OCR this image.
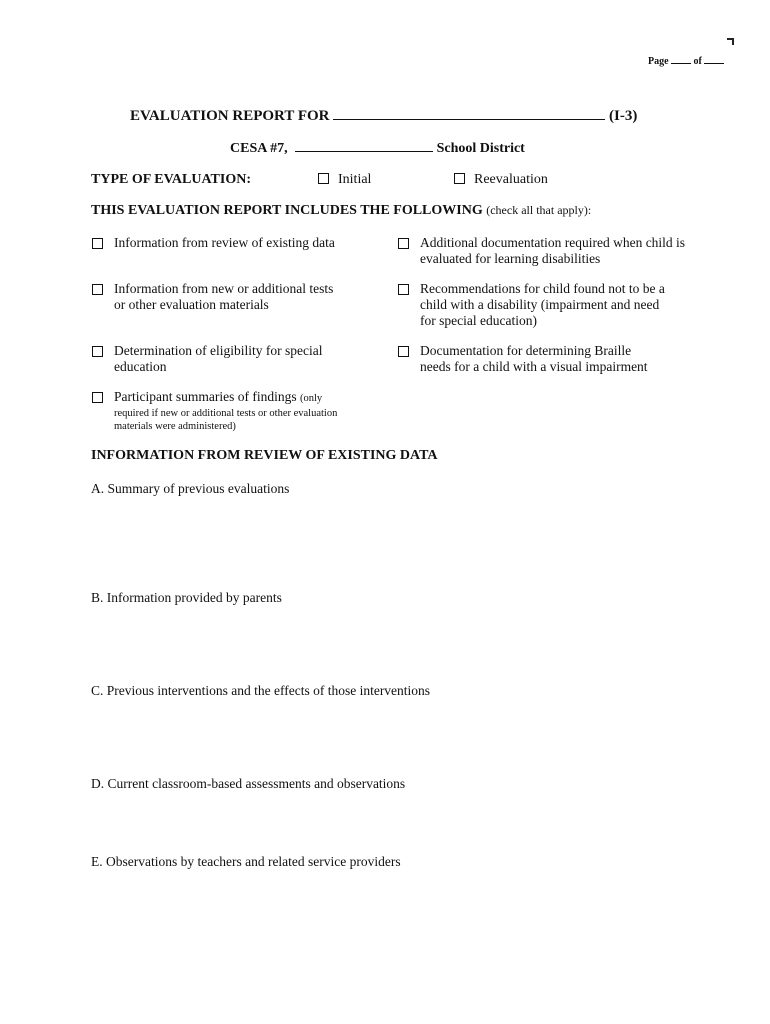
Page	of
EVALUATION REPORT FOR	(I-3)
CESA #7,	School District
TYPE OF EVALUATION:	Initial	Reevaluation
THIS EVALUATION REPORT INCLUDES THE FOLLOWING (check all that apply):
Information from review of existing data	Additional documentation required when child is
evaluated for learning disabilities
Information from new or additional tests
or other evaluation materials
Recommendations for child found not to be a
child with a disability (impairment and need
for special education)
Determination of eligibility for special
education
Documentation for determining Braille
needs for a child with a visual impairment
Participant summaries of findings (only
required if new or additional tests or other evaluation
materials were administered)
INFORMATION FROM REVIEW OF EXISTING DATA
A. Summary of previous evaluations
B. Information provided by parents
C. Previous interventions and the effects of those interventions
D. Current classroom-based assessments and observations
E. Observations by teachers and related service providers
